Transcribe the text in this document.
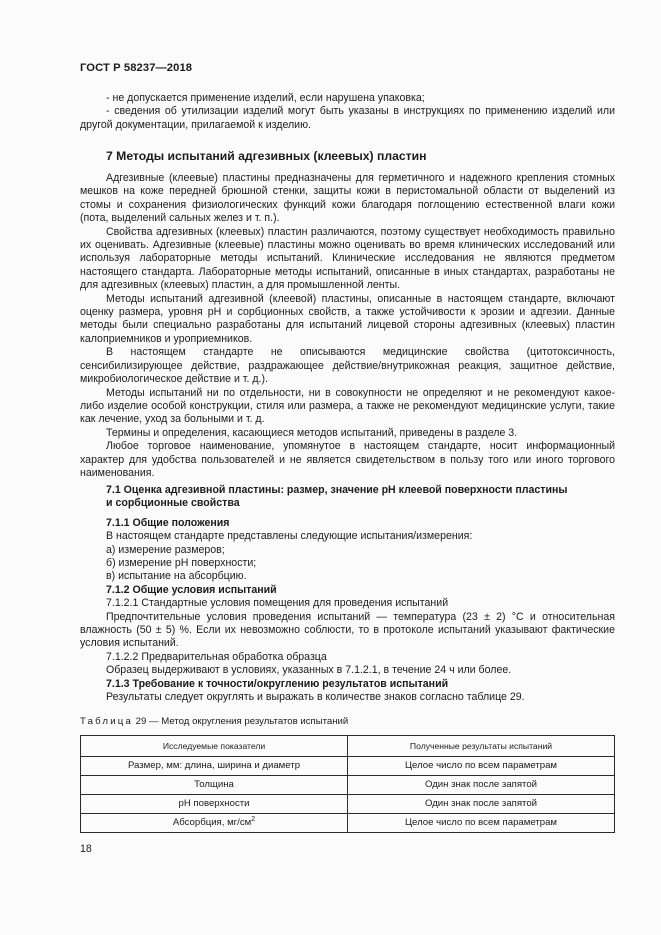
ГОСТ Р 58237—2018

- не допускается применение изделий, если нарушена упаковка;

- сведения об утилизации изделий могут быть указаны в инструкциях по применению изделий или другой документации, прилагаемой к изделию.

7 Методы испытаний адгезивных (клеевых) пластин

Адгезивные (клеевые) пластины предназначены для герметичного и надежного крепления стомных мешков на коже передней брюшной стенки, защиты кожи в перистомальной области от выделений из стомы и сохранения физиологических функций кожи благодаря поглощению естественной влаги кожи (пота, выделений сальных желез и т. п.).

Свойства адгезивных (клеевых) пластин различаются, поэтому существует необходимость правильно их оценивать. Адгезивные (клеевые) пластины можно оценивать во время клинических исследований или используя лабораторные методы испытаний. Клинические исследования не являются предметом настоящего стандарта. Лабораторные методы испытаний, описанные в иных стандартах, разработаны не для адгезивных (клеевых) пластин, а для промышленной ленты.

Методы испытаний адгезивной (клеевой) пластины, описанные в настоящем стандарте, включают оценку размера, уровня рН и сорбционных свойств, а также устойчивости к эрозии и адгезии. Данные методы были специально разработаны для испытаний лицевой стороны адгезивных (клеевых) пластин калоприемников и уроприемников.

В настоящем стандарте не описываются медицинские свойства (цитотоксичность, сенсибилизирующее действие, раздражающее действие/внутрикожная реакция, защитное действие, микробиологическое действие и т. д.).

Методы испытаний ни по отдельности, ни в совокупности не определяют и не рекомендуют какое-либо изделие особой конструкции, стиля или размера, а также не рекомендуют медицинские услуги, такие как лечение, уход за больными и т. д.

Термины и определения, касающиеся методов испытаний, приведены в разделе 3.

Любое торговое наименование, упомянутое в настоящем стандарте, носит информационный характер для удобства пользователей и не является свидетельством в пользу того или иного торгового наименования.

7.1 Оценка адгезивной пластины: размер, значение рН клеевой поверхности пластины
и сорбционные свойства
7.1.1 Общие положения

В настоящем стандарте представлены следующие испытания/измерения:

а) измерение размеров;

б) измерение рН поверхности;

в) испытание на абсорбцию.

7.1.2 Общие условия испытаний

7.1.2.1 Стандартные условия помещения для проведения испытаний

Предпочтительные условия проведения испытаний — температура (23 ± 2) °С и относительная влажность (50 ± 5) %. Если их невозможно соблюсти, то в протоколе испытаний указывают фактические условия испытаний.

7.1.2.2 Предварительная обработка образца

Образец выдерживают в условиях, указанных в 7.1.2.1, в течение 24 ч или более.

7.1.3 Требование к точности/округлению результатов испытаний

Результаты следует округлять и выражать в количестве знаков согласно таблице 29.

Таблица 29 — Метод округления результатов испытаний
Исследуемые показатели	Полученные результаты испытаний
Размер, мм: длина, ширина и диаметр	Целое число по всем параметрам
Толщина	Один знак после запятой
рН поверхности	Один знак после запятой
Абсорбция, $мг/см^2$	Целое число по всем параметрам
18
